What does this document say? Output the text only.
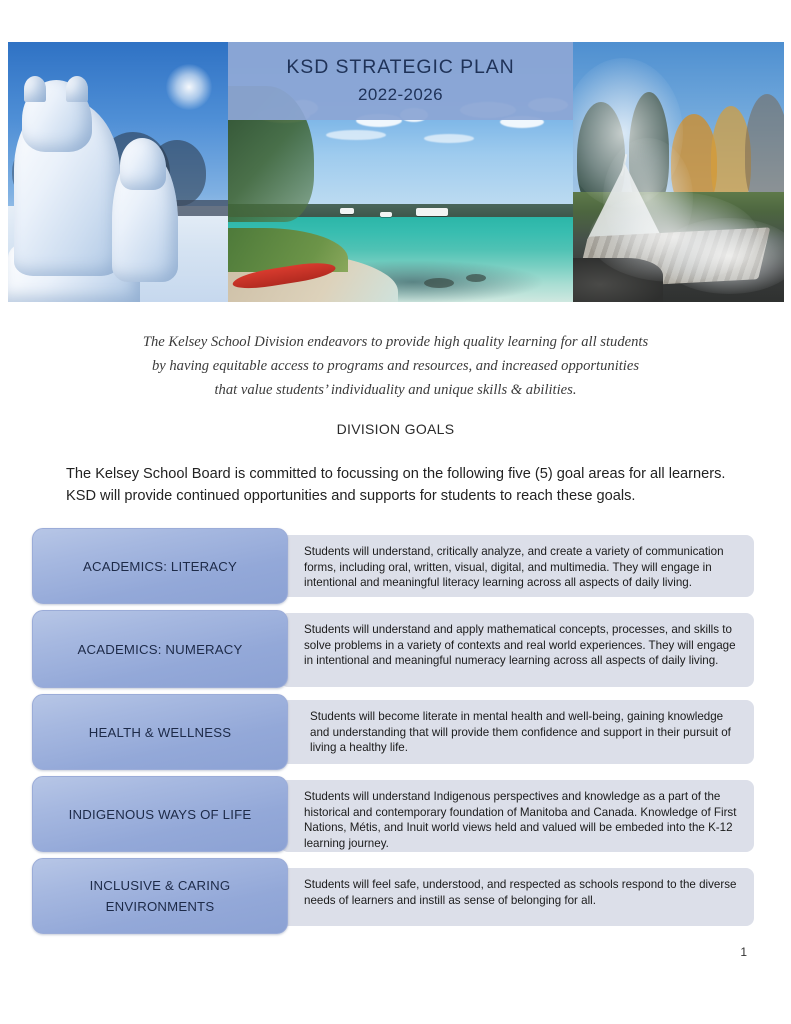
KSD STRATEGIC PLAN
2022-2026
The Kelsey School Division endeavors to provide high quality learning for all students
by having equitable access to programs and resources, and increased opportunities
that value students’ individuality and unique skills & abilities.
DIVISION GOALS
The Kelsey School Board is committed to focussing on the following five (5) goal areas for all learners. KSD will provide continued opportunities and supports for students to reach these goals.
ACADEMICS: LITERACY
Students will understand, critically analyze, and create a variety of communication forms, including oral, written, visual, digital, and multimedia. They will engage in intentional and meaningful literacy learning across all aspects of daily living.
ACADEMICS: NUMERACY
Students will understand and apply mathematical concepts, processes, and skills to solve problems in a variety of contexts and real world experiences. They will engage in intentional and meaningful numeracy learning across all aspects of daily living.
HEALTH & WELLNESS
Students will become literate in mental health and well-being, gaining knowledge and understanding that will provide them confidence and support in their pursuit of living a healthy life.
INDIGENOUS WAYS OF LIFE
Students will understand Indigenous perspectives and knowledge as a part of the historical and contemporary foundation of Manitoba and Canada. Knowledge of First Nations, Métis, and Inuit world views held and valued will be embeded into the K-12 learning journey.
INCLUSIVE & CARING ENVIRONMENTS
Students will feel safe, understood, and respected as schools respond to the diverse needs of learners and instill as sense of belonging for all.
1
